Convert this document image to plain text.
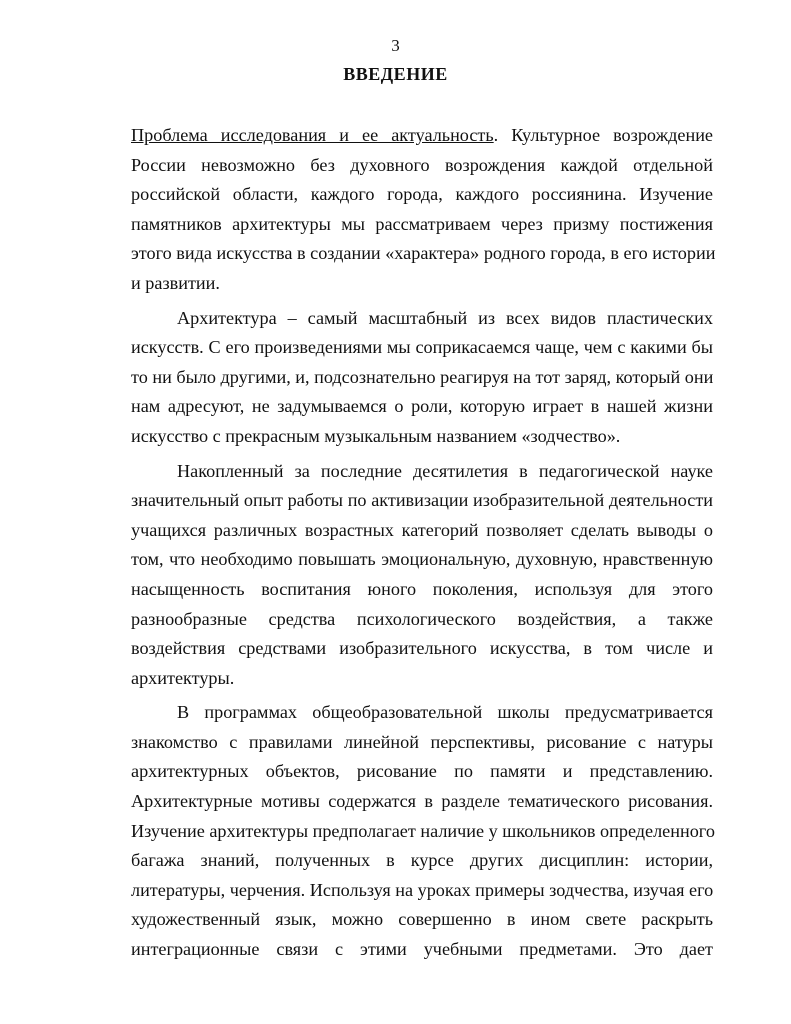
3
ВВЕДЕНИЕ
Проблема исследования и ее актуальность. Культурное возрождение
России невозможно без духовного возрождения каждой отдельной
российской области, каждого города, каждого россиянина. Изучение
памятников архитектуры мы рассматриваем через призму постижения
этого вида искусства в создании «характера» родного города, в его истории
и развитии.
Архитектура – самый масштабный из всех видов пластических
искусств. С его произведениями мы соприкасаемся чаще, чем с какими бы
то ни было другими, и, подсознательно реагируя на тот заряд, который они
нам адресуют, не задумываемся о роли, которую играет в нашей жизни
искусство с прекрасным музыкальным названием «зодчество».
Накопленный за последние десятилетия в педагогической науке
значительный опыт работы по активизации изобразительной деятельности
учащихся различных возрастных категорий позволяет сделать выводы о
том, что необходимо повышать эмоциональную, духовную, нравственную
насыщенность воспитания юного поколения, используя для этого
разнообразные средства психологического воздействия, а также
воздействия средствами изобразительного искусства, в том числе и
архитектуры.
В программах общеобразовательной школы предусматривается
знакомство с правилами линейной перспективы, рисование с натуры
архитектурных объектов, рисование по памяти и представлению.
Архитектурные мотивы содержатся в разделе тематического рисования.
Изучение архитектуры предполагает наличие у школьников определенного
багажа знаний, полученных в курсе других дисциплин: истории,
литературы, черчения. Используя на уроках примеры зодчества, изучая его
художественный язык, можно совершенно в ином свете раскрыть
интеграционные связи с этими учебными предметами. Это дает
